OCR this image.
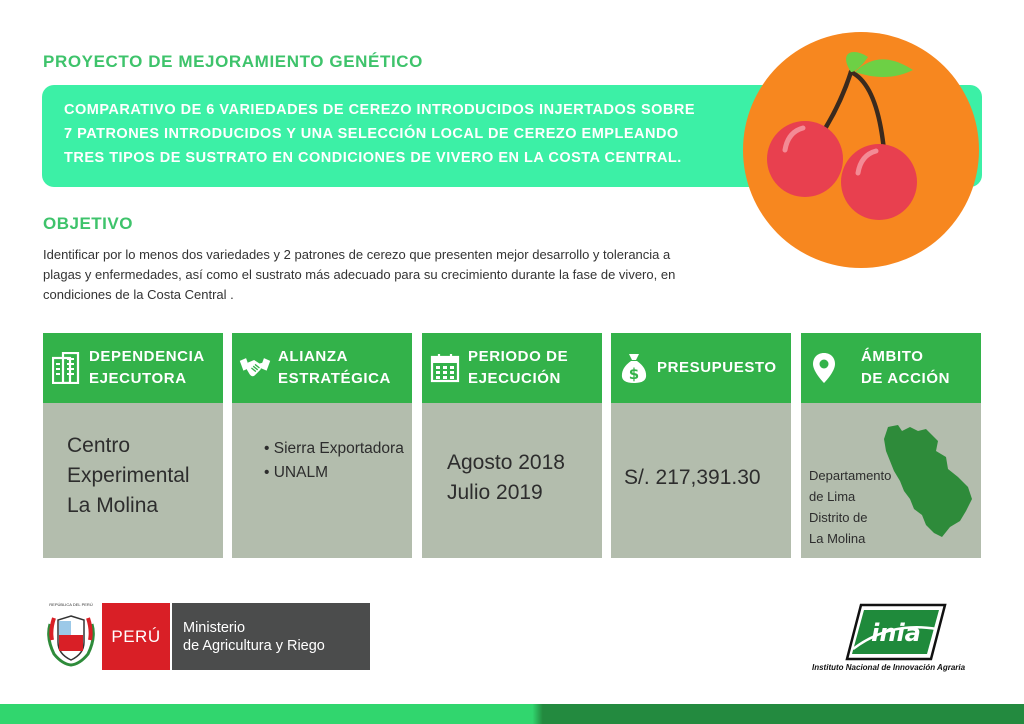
PROYECTO DE MEJORAMIENTO GENÉTICO
COMPARATIVO DE 6 VARIEDADES DE CEREZO INTRODUCIDOS INJERTADOS SOBRE
7 PATRONES INTRODUCIDOS Y UNA SELECCIÓN LOCAL DE CEREZO EMPLEANDO
TRES TIPOS DE SUSTRATO EN CONDICIONES DE VIVERO EN LA COSTA CENTRAL.
OBJETIVO
Identificar por lo menos dos variedades y 2 patrones de cerezo que presenten mejor desarrollo y tolerancia a
plagas y enfermedades, así como el sustrato más adecuado para su crecimiento durante la fase de vivero, en
condiciones de la Costa Central .
DEPENDENCIA
EJECUTORA
Centro
Experimental
La Molina
ALIANZA
ESTRATÉGICA
• Sierra Exportadora
• UNALM
PERIODO DE
EJECUCIÓN
Agosto 2018
Julio 2019
$ PRESUPUESTO
S/. 217,391.30
ÁMBITO
DE ACCIÓN
Departamento
de Lima
Distrito de
La Molina
REPÚBLICA DEL PERÚ
PERÚ	Ministerio
de Agricultura y Riego	inia
Instituto Nacional de Innovación Agraria
